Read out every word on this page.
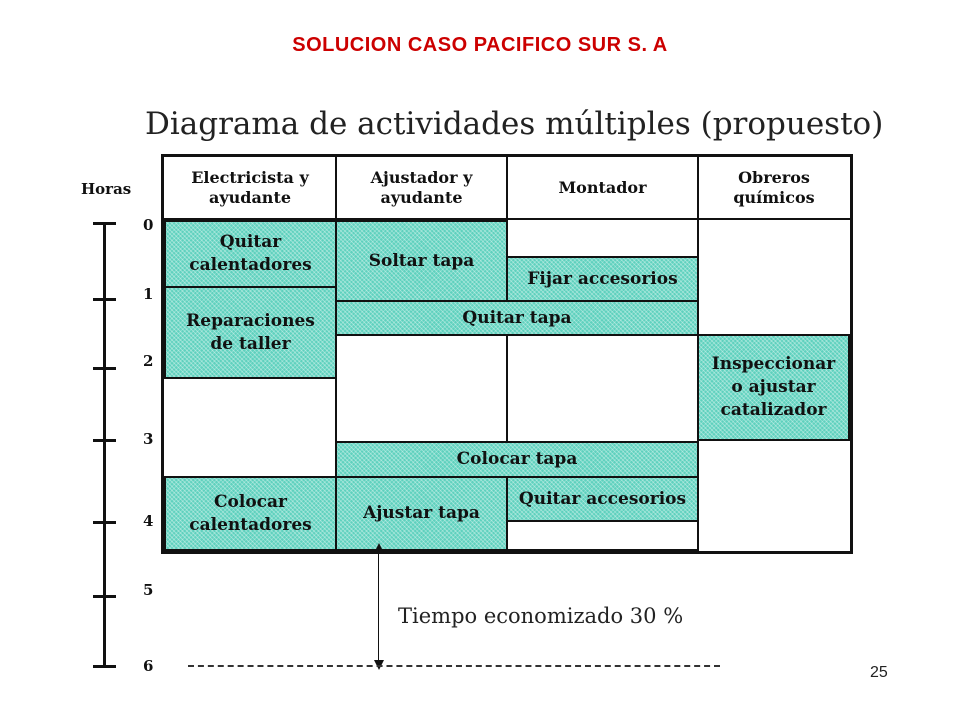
SOLUCION CASO PACIFICO SUR S. A
Diagrama de actividades múltiples (propuesto)
Horas
0
1
2
3
4
5
6
Electricista y
ayudante
Ajustador y
ayudante
Montador
Obreros
químicos
Quitar
calentadores
Reparaciones
de taller
Colocar
calentadores
Soltar tapa
Ajustar tapa
Fijar accesorios
Quitar accesorios
Quitar tapa
Colocar tapa
Inspeccionar
o ajustar
catalizador
Tiempo economizado 30 %
25
